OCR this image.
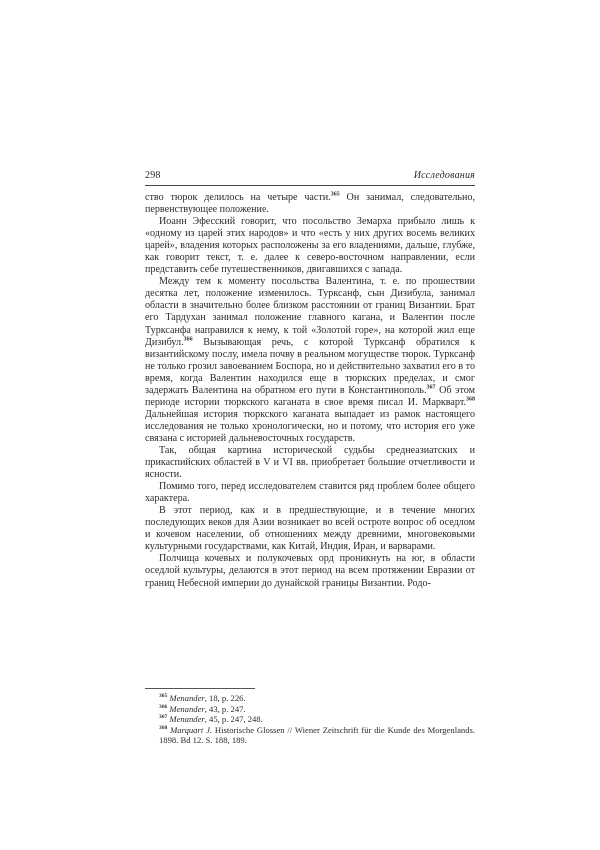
298	Исследования

ство тюрок делилось на четыре части.$^{365}$ Он занимал, следовательно, первенствующее положение.

Иоанн Эфесский говорит, что посольство Земарха прибыло лишь к «одному из царей этих народов» и что «есть у них других восемь великих царей», владения которых расположены за его владениями, дальше, глубже, как говорит текст, т. е. далее к северо-восточном направлении, если представить себе путешественников, двигавшихся с запада.

Между тем к моменту посольства Валентина, т. е. по прошествии десятка лет, положение изменилось. Турксанф, сын Дизибула, занимал области в значительно более близком расстоянии от границ Византии. Брат его Тардухан занимал положение главного кагана, и Валентин после Турксанфа направился к нему, к той «Золотой горе», на которой жил еще Дизибул.$^{366}$ Вызывающая речь, с которой Турксанф обратился к византийскому послу, имела почву в реальном могуществе тюрок. Турксанф не только грозил завоеванием Боспора, но и действительно захватил его в то время, когда Валентин находился еще в тюркских пределах, и смог задержать Валентина на обратном его пути в Константинополь.$^{367}$ Об этом периоде истории тюркского каганата в свое время писал И. Маркварт.$^{368}$ Дальнейшая история тюркского каганата выпадает из рамок настоящего исследования не только хронологически, но и потому, что история его уже связана с историей дальневосточных государств.

Так, общая картина исторической судьбы среднеазиатских и прикаспийских областей в V и VI вв. приобретает большие отчетливости и ясности.

Помимо того, перед исследователем ставится ряд проблем более общего характера.

В этот период, как и в предшествующие, и в течение многих последующих веков для Азии возникает во всей остроте вопрос об оседлом и кочевом населении, об отношениях между древними, многовековыми культурными государствами, как Китай, Индия, Иран, и варварами.

Полчища кочевых и полукочевых орд проникнуть на юг, в области оседлой культуры, делаются в этот период на всем протяжении Евразии от границ Небесной империи до дунайской границы Византии. Родо-

$^{365}$ Menander, 18, p. 226.
$^{366}$ Menander, 43, p. 247.
$^{367}$ Menander, 45, p. 247, 248.
$^{368}$ Marquart J. Historische Glossen // Wiener Zeitschrift für die Kunde des Morgenlands. 1898. Bd 12. S. 188, 189.
